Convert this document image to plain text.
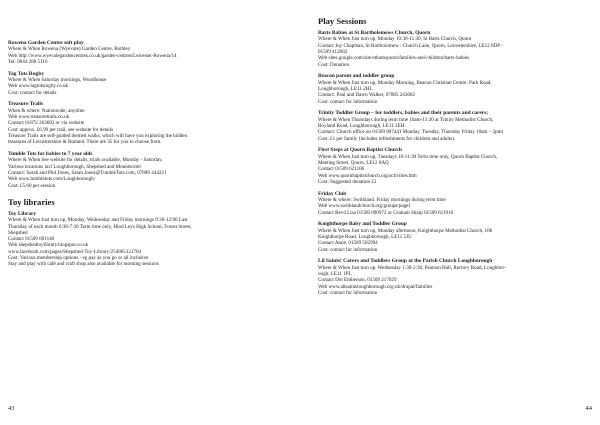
Rowena Garden Centre soft play
Where & When Rowena (Wyevale) Garden Centre, Rothley
Web http://www.wyevalegardencentres.co.uk/garden-centres/Leicester-Rowena/14
Tel: 0844 288 5116
Tag Tots Rugby
Where & When Saturday mornings, Woodhouse
Web www.tagtotsrugby.co.uk
Cost: contact for details
Treasure Trails
When & where: Nationwide, anytime
Web www.treasuretrails.co.uk
Contact 01872 263692 or via website
Cost: approx. £6.99 per trail, see website for details
Treasure Trails are self-guided themed walks, which will have you exploring the hidden
treasures of Leicestershire & Rutland. There are 35 for you to choose from.
Tumble Tots for babies to 7 year olds
Where & When See website for details, trials available, Monday - Saturday,
Various locations incl Loughborough, Shepshed and Mountsorrel
Contact: Sarah and Phil Jones, Sarah.Jones@TumbleTots.com, 07889 444221
Web www.tumbletots.com/Loughborough/
Cost: £5.60 per session
Toy libraries
Toy Library
Where & When Just turn up, Monday, Wednesday and Friday mornings 9:30-12:00 Last
Thursday of each month 6:30-7:30 Term time only, Hind Leys High School, Forest Street,
Shepshed
Contact 01509 601146
Web shepshedtoylibrary.blogspot.co.uk
www.facebook.com/pages/Shepshed-Toy-Library/254865121704
Cost: Various membership options - eg pay as you go or all inclusive
Stay and play with café and craft shop also available for morning sessions
43
Play Sessions
Barts Babies at St Bartholemews Church, Quorn
Where & When Just turn up, Monday 10:30-11:30, St Barts Church, Quorn
Contact Joy Chapman, St Bartholomew : Church Lane, Quorn, Leicestershire, LE12 8DP -
01509 412082
Web sites.google.com/site/stbartsquorn/families-and-children/barts-babies
Cost: Donation
Beacon parent and toddler group
Where & When Just turn up, Monday Morning, Beacon Christian Centre, Park Road,
Loughborough, LE11 2HL
Contact: Paul and Dawn Walker, 07885 243682
Cost: contact for information
Trinity Toddler Group – for toddlers, babies and their parents and carers;
Where & When Thursdays during term time 10am-11:30 at Trinity Methodist Church,
Royland Road, Loughborough, LE11 2EH.
Contact: Church office on 01509 807441 Monday, Tuesday, Thursday Friday 10am – 2pm)
Cost: £1 per family (includes refreshments for children and adults).
First Steps at Quorn Baptist Church
Where & When Just turn up, Tuesdays 10-11:30 Term time only, Quorn Baptist Church,
Meeting Street, Quorn, LE12 8AQ
Contact 01509 621106
Web www.quornbaptistchurch.org/activities.htm
Cost: Suggested donation £2
Friday Club
Where & where: Swithland. Friday mornings during term time
Web www.swithlandchurch.org/groups/page1
Contact Revd Lisa 01509 890972 or Graham Sharp 01509 611916
Knighthorpe Baby and Toddler Group
Where & When Just turn up, Monday afternoon, Knighthorpe Methodist Church, 106
Knighthorpe Road, Loughborough, LE11 5JU
Contact Anne, 01509 502994
Cost: contact for information
Lil Saints! Carers and Toddlers Group at the Parish Church Loughborough
Where & When Just turn up, Wednesday 1:30-2:30, Pearson Hall, Rectory Road, Loughbor-
ough, LE11 1PL
Contact Dot Emberson, 01509 217029
Web www.allsaintsloughborough.org.uk/drupal/families
Cost: contact for information
44
